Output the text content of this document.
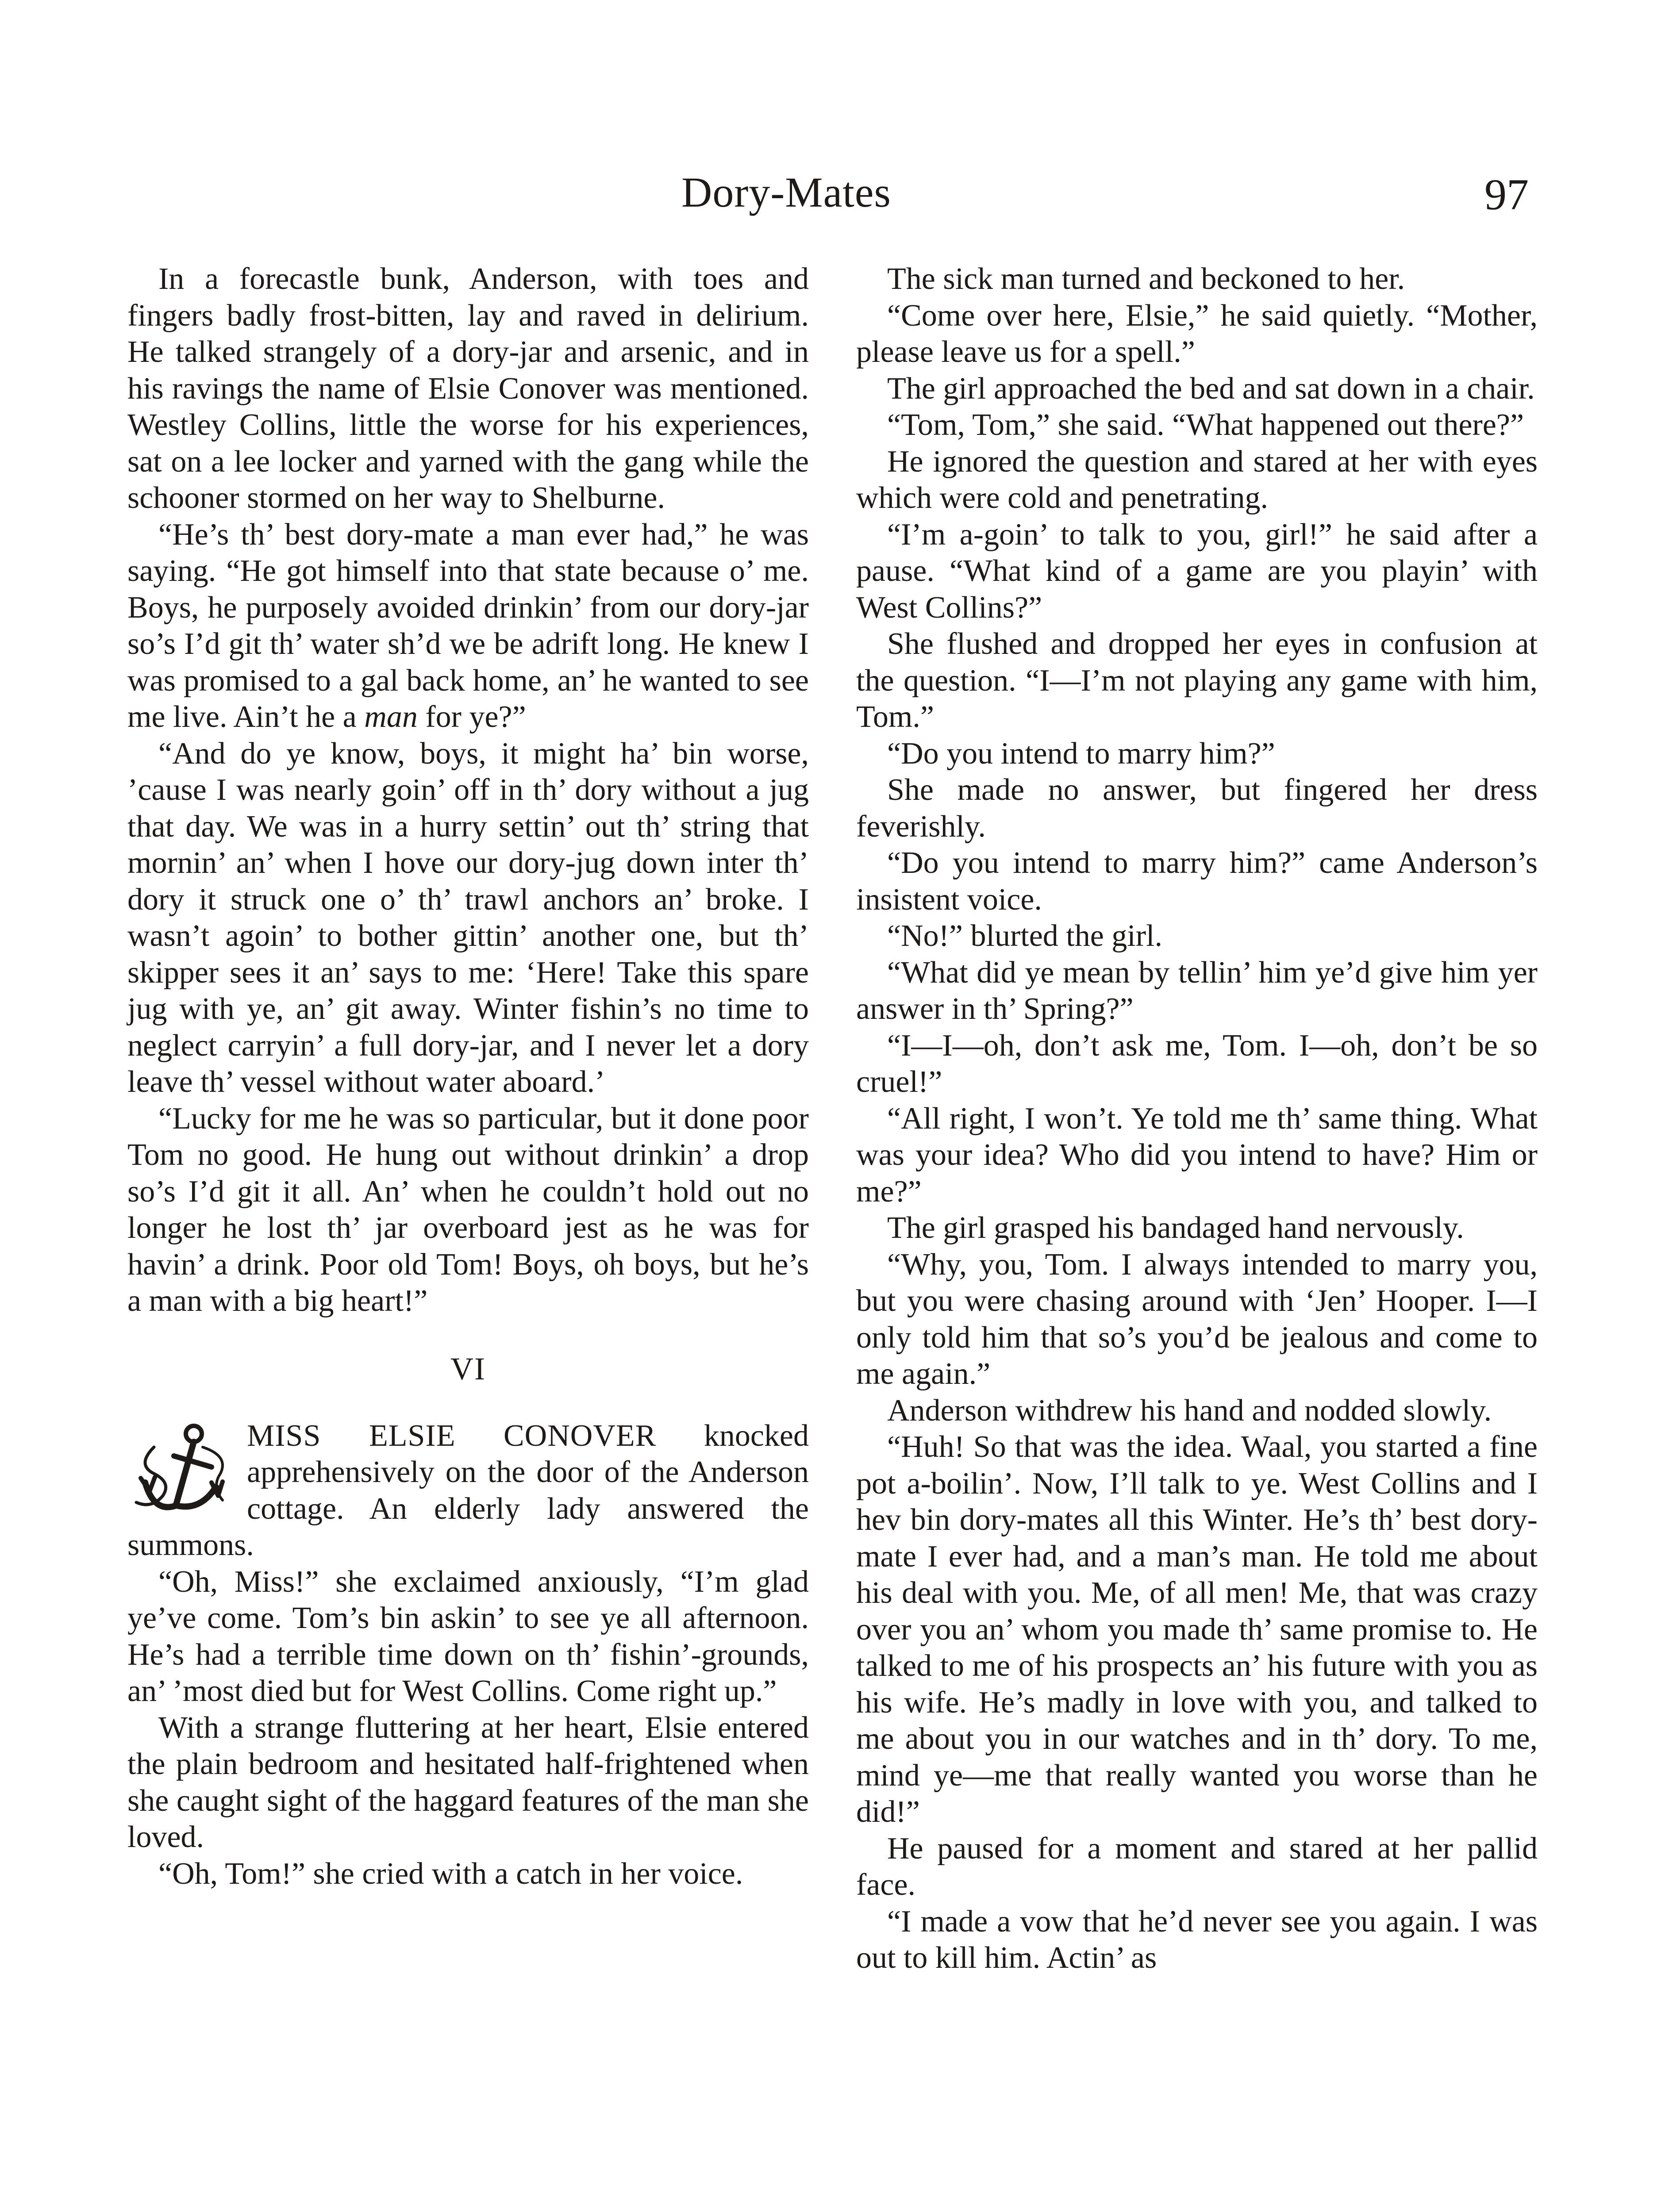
Dory-Mates	97

In a forecastle bunk, Anderson, with toes and fingers badly frost-bitten, lay and raved in delirium. He talked strangely of a dory-jar and arsenic, and in his ravings the name of Elsie Conover was mentioned. Westley Collins, little the worse for his experiences, sat on a lee locker and yarned with the gang while the schooner stormed on her way to Shelburne.

“He’s th’ best dory-mate a man ever had,” he was saying. “He got himself into that state because o’ me. Boys, he purposely avoided drinkin’ from our dory-jar so’s I’d git th’ water sh’d we be adrift long. He knew I was promised to a gal back home, an’ he wanted to see me live. Ain’t he a man for ye?”

“And do ye know, boys, it might ha’ bin worse, ’cause I was nearly goin’ off in th’ dory without a jug that day. We was in a hurry settin’ out th’ string that mornin’ an’ when I hove our dory-jug down inter th’ dory it struck one o’ th’ trawl anchors an’ broke. I wasn’t agoin’ to bother gittin’ another one, but th’ skipper sees it an’ says to me: ‘Here! Take this spare jug with ye, an’ git away. Winter fishin’s no time to neglect carryin’ a full dory-jar, and I never let a dory leave th’ vessel without water aboard.’

“Lucky for me he was so particular, but it done poor Tom no good. He hung out without drinkin’ a drop so’s I’d git it all. An’ when he couldn’t hold out no longer he lost th’ jar overboard jest as he was for havin’ a drink. Poor old Tom! Boys, oh boys, but he’s a man with a big heart!”

VI

MISS ELSIE CONOVER knocked apprehensively on the door of the Anderson cottage. An elderly lady answered the summons.

“Oh, Miss!” she exclaimed anxiously, “I’m glad ye’ve come. Tom’s bin askin’ to see ye all afternoon. He’s had a terrible time down on th’ fishin’-grounds, an’ ’most died but for West Collins. Come right up.”

With a strange fluttering at her heart, Elsie entered the plain bedroom and hesitated half-frightened when she caught sight of the haggard features of the man she loved.

“Oh, Tom!” she cried with a catch in her voice.

The sick man turned and beckoned to her.

“Come over here, Elsie,” he said quietly. “Mother, please leave us for a spell.”

The girl approached the bed and sat down in a chair.

“Tom, Tom,” she said. “What happened out there?”

He ignored the question and stared at her with eyes which were cold and penetrating.

“I’m a-goin’ to talk to you, girl!” he said after a pause. “What kind of a game are you playin’ with West Collins?”

She flushed and dropped her eyes in confusion at the question. “I—I’m not playing any game with him, Tom.”

“Do you intend to marry him?”

She made no answer, but fingered her dress feverishly.

“Do you intend to marry him?” came Anderson’s insistent voice.

“No!” blurted the girl.

“What did ye mean by tellin’ him ye’d give him yer answer in th’ Spring?”

“I—I—oh, don’t ask me, Tom. I—oh, don’t be so cruel!”

“All right, I won’t. Ye told me th’ same thing. What was your idea? Who did you intend to have? Him or me?”

The girl grasped his bandaged hand nervously.

“Why, you, Tom. I always intended to marry you, but you were chasing around with ‘Jen’ Hooper. I—I only told him that so’s you’d be jealous and come to me again.”

Anderson withdrew his hand and nodded slowly.

“Huh! So that was the idea. Waal, you started a fine pot a-boilin’. Now, I’ll talk to ye. West Collins and I hev bin dory-mates all this Winter. He’s th’ best dory-mate I ever had, and a man’s man. He told me about his deal with you. Me, of all men! Me, that was crazy over you an’ whom you made th’ same promise to. He talked to me of his prospects an’ his future with you as his wife. He’s madly in love with you, and talked to me about you in our watches and in th’ dory. To me, mind ye—me that really wanted you worse than he did!”

He paused for a moment and stared at her pallid face.

“I made a vow that he’d never see you again. I was out to kill him. Actin’ as
